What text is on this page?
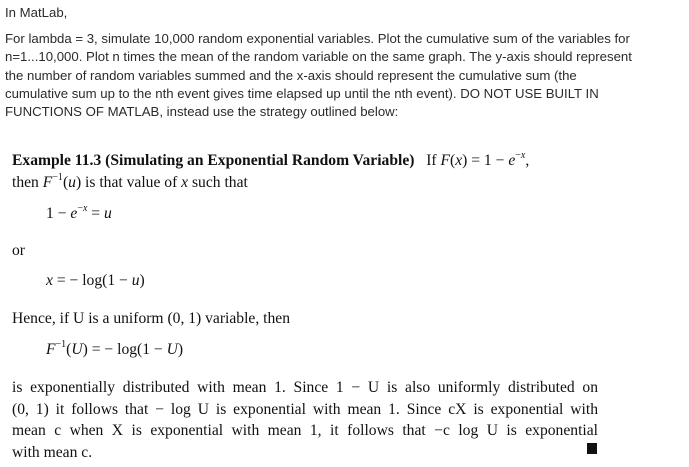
In MatLab,
For lambda = 3, simulate 10,000 random exponential variables. Plot the cumulative sum of the variables for
n=1...10,000. Plot n times the mean of the random variable on the same graph. The y-axis should represent
the number of random variables summed and the x-axis should represent the cumulative sum (the
cumulative sum up to the nth event gives time elapsed up until the nth event). DO NOT USE BUILT IN
FUNCTIONS OF MATLAB, instead use the strategy outlined below:
Example 11.3 (Simulating an Exponential Random Variable)   If $F(x) = 1 - e^{-x}$,
then $F^{-1}(u)$ is that value of x such that
$1 - e^{-x} = u$
or
x = − log(1 − u)
Hence, if U is a uniform (0, 1) variable, then
$F^{-1}(U)$ = − log(1 − U)
is exponentially distributed with mean 1. Since 1 − U is also uniformly distributed on
(0, 1) it follows that − log U is exponential with mean 1. Since cX is exponential with
mean c when X is exponential with mean 1, it follows that −c log U is exponential
with mean c.
